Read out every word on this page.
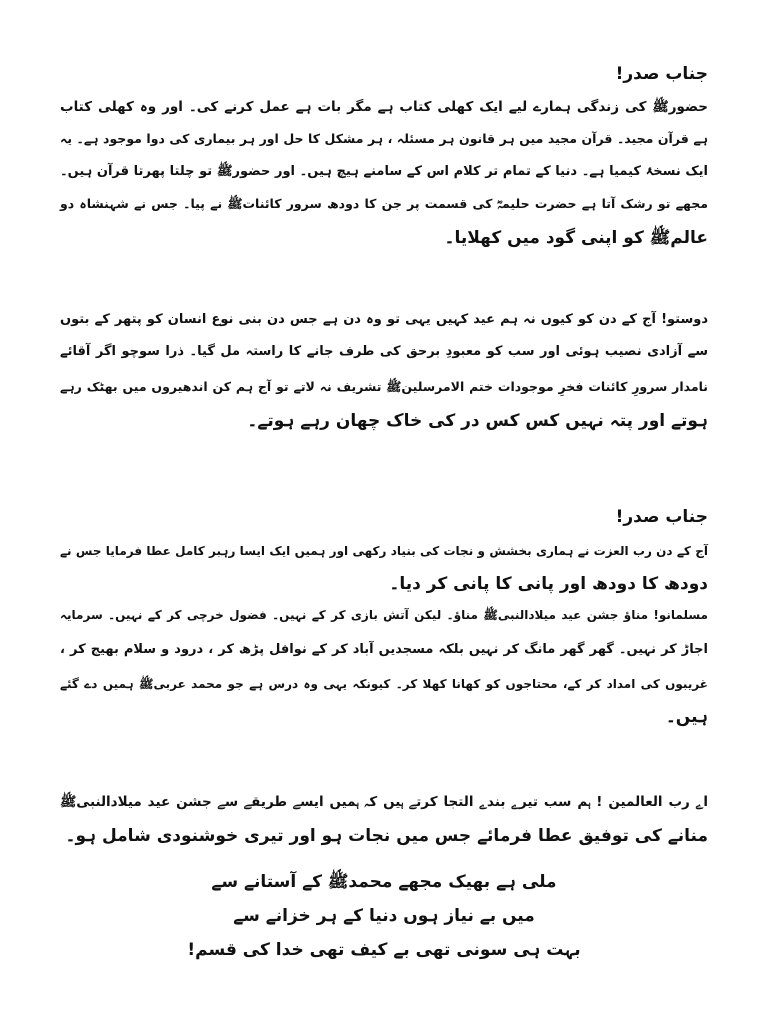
جناب صدر!
حضورﷺ کی زندگی ہمارے لیے ایک کھلی کتاب ہے مگر بات ہے عمل کرنے کی۔ اور وہ کھلی کتاب
ہے قرآن مجید۔ قرآن مجید میں ہر قانون ہر مسئلہ ، ہر مشکل کا حل اور ہر بیماری کی دوا موجود ہے۔ یہ
ایک نسخۂ کیمیا ہے۔ دنیا کے تمام تر کلام اس کے سامنے ہیچ ہیں۔ اور حضورﷺ تو چلتا پھرتا قرآن ہیں۔
مجھے تو رشک آتا ہے حضرت حلیمہؓ کی قسمت پر جن کا دودھ سرور کائناتﷺ نے پیا۔ جس نے شہنشاہ دو
عالمﷺ کو اپنی گود میں کھلایا۔
دوستو! آج کے دن کو کیوں نہ ہم عید کہیں یہی تو وہ دن ہے جس دن بنی نوع انسان کو پتھر کے بتوں
سے آزادی نصیب ہوئی اور سب کو معبودِ برحق کی طرف جانے کا راستہ مل گیا۔ ذرا سوچو اگر آقائے
نامدار سرورِ کائنات فخرِ موجودات ختم الامرسلینﷺ تشریف نہ لاتے تو آج ہم کن اندھیروں میں بھٹک رہے
ہوتے اور پتہ نہیں کس کس در کی خاک چھان رہے ہوتے۔
جناب صدر!
آج کے دن رب العزت نے ہماری بخشش و نجات کی بنیاد رکھی اور ہمیں ایک ایسا رہبر کامل عطا فرمایا جس نے
دودھ کا دودھ اور پانی کا پانی کر دیا۔
مسلمانو! مناؤ جشن عید میلادالنبیﷺ مناؤ۔ لیکن آتش بازی کر کے نہیں۔ فضول خرچی کر کے نہیں۔ سرمایہ
اجاڑ کر نہیں۔ گھر گھر مانگ کر نہیں بلکہ مسجدیں آباد کر کے نوافل پڑھ کر ، درود و سلام بھیج کر ،
غریبوں کی امداد کر کے، محتاجوں کو کھانا کھلا کر۔ کیونکہ یہی وہ درس ہے جو محمد عربیﷺ ہمیں دے گئے
ہیں۔
اے رب العالمین ! ہم سب تیرے بندے التجا کرتے ہیں کہ ہمیں ایسے طریقے سے جشن عید میلادالنبیﷺ
منانے کی توفیق عطا فرمائے جس میں نجات ہو اور تیری خوشنودی شامل ہو۔
ملی ہے بھیک مجھے محمدﷺ کے آستانے سے
میں بے نیاز ہوں دنیا کے ہر خزانے سے
بہت ہی سونی تھی بے کیف تھی خدا کی قسم!
